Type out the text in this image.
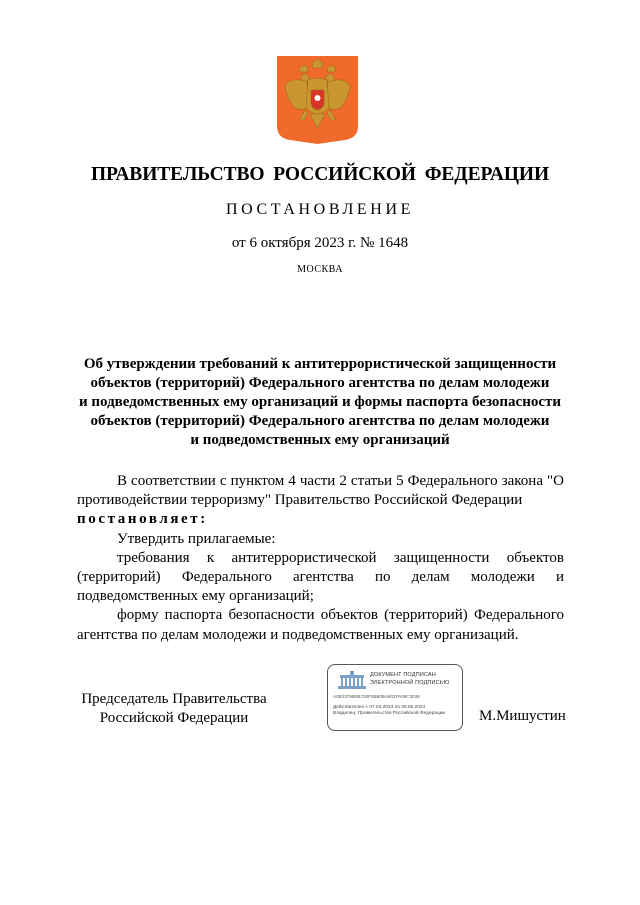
ПРАВИТЕЛЬСТВО РОССИЙСКОЙ ФЕДЕРАЦИИ
ПОСТАНОВЛЕНИЕ
от 6 октября 2023 г. № 1648
МОСКВА
Об утверждении требований к антитеррористической защищенности
объектов (территорий) Федерального агентства по делам молодежи
и подведомственных ему организаций и формы паспорта безопасности
объектов (территорий) Федерального агентства по делам молодежи
и подведомственных ему организаций

В соответствии с пунктом 4 части 2 статьи 5 Федерального закона "О противодействии терроризму" Правительство Российской Федерации

постановляет:

Утвердить прилагаемые:

требования к антитеррористической защищенности объектов (территорий) Федерального агентства по делам молодежи и подведомственных ему организаций;

форму паспорта безопасности объектов (территорий) Федерального агентства по делам молодежи и подведомственных ему организаций.

Председатель Правительства
Российской Федерации
ДОКУМЕНТ ПОДПИСАН
ЭЛЕКТРОННОЙ ПОДПИСЬЮ
A0E0378B8B730F8B80BA603FA09C3038
Действителен с 07.03.2023 по 30.05.2024
Владелец: Правительство Российской Федерации	М.Мишустин
